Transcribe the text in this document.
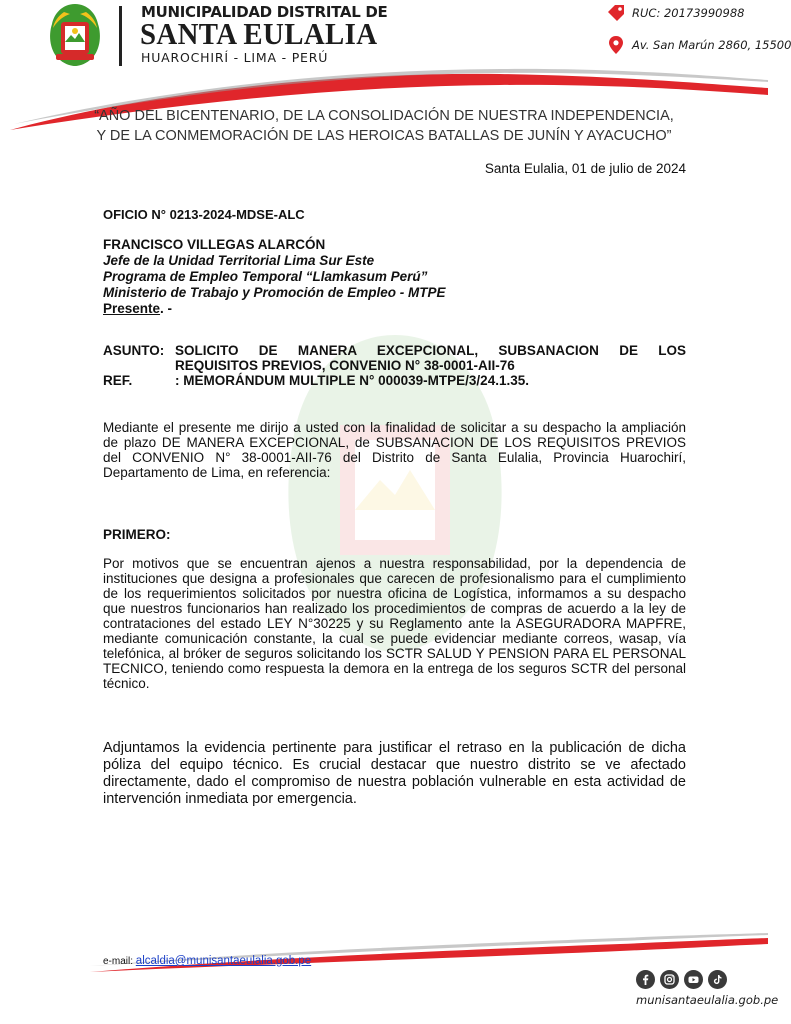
MUNICIPALIDAD DISTRITAL DE
SANTA EULALIA
HUAROCHIRÍ - LIMA - PERÚ
RUC: 20173990988
Av. San Marún 2860, 15500
“AÑO DEL BICENTENARIO, DE LA CONSOLIDACIÓN DE NUESTRA INDEPENDENCIA,
Y DE LA CONMEMORACIÓN DE LAS HEROICAS BATALLAS DE JUNÍN Y AYACUCHO”
Santa Eulalia, 01 de julio de 2024
OFICIO N° 0213-2024-MDSE-ALC
FRANCISCO VILLEGAS ALARCÓN
Jefe de la Unidad Territorial Lima Sur Este
Programa de Empleo Temporal “Llamkasum Perú”
Ministerio de Trabajo y Promoción de Empleo - MTPE
Presente. -
ASUNTO: SOLICITO DE MANERA EXCEPCIONAL, SUBSANACION DE LOS
REQUISITOS PREVIOS, CONVENIO N° 38-0001-AII-76
REF.	: MEMORÁNDUM MULTIPLE N° 000039-MTPE/3/24.1.35.
Mediante el presente me dirijo a usted con la finalidad de solicitar a su despacho la ampliación de plazo DE MANERA EXCEPCIONAL, de SUBSANACION DE LOS REQUISITOS PREVIOS del CONVENIO N° 38-0001-AII-76 del Distrito de Santa Eulalia, Provincia Huarochirí, Departamento de Lima, en referencia:
PRIMERO:
Por motivos que se encuentran ajenos a nuestra responsabilidad, por la dependencia de instituciones que designa a profesionales que carecen de profesionalismo para el cumplimiento de los requerimientos solicitados por nuestra oficina de Logística, informamos a su despacho que nuestros funcionarios han realizado los procedimientos de compras de acuerdo a la ley de contrataciones del estado LEY N°30225 y su Reglamento ante la ASEGURADORA MAPFRE, mediante comunicación constante, la cual se puede evidenciar mediante correos, wasap, vía telefónica, al bróker de seguros solicitando los SCTR SALUD Y PENSION PARA EL PERSONAL TECNICO, teniendo como respuesta la demora en la entrega de los seguros SCTR del personal técnico.
Adjuntamos la evidencia pertinente para justificar el retraso en la publicación de dicha póliza del equipo técnico. Es crucial destacar que nuestro distrito se ve afectado directamente, dado el compromiso de nuestra población vulnerable en esta actividad de intervención inmediata por emergencia.
e-mail: alcaldia@munisantaeulalia.gob.pe
munisantaeulalia.gob.pe
